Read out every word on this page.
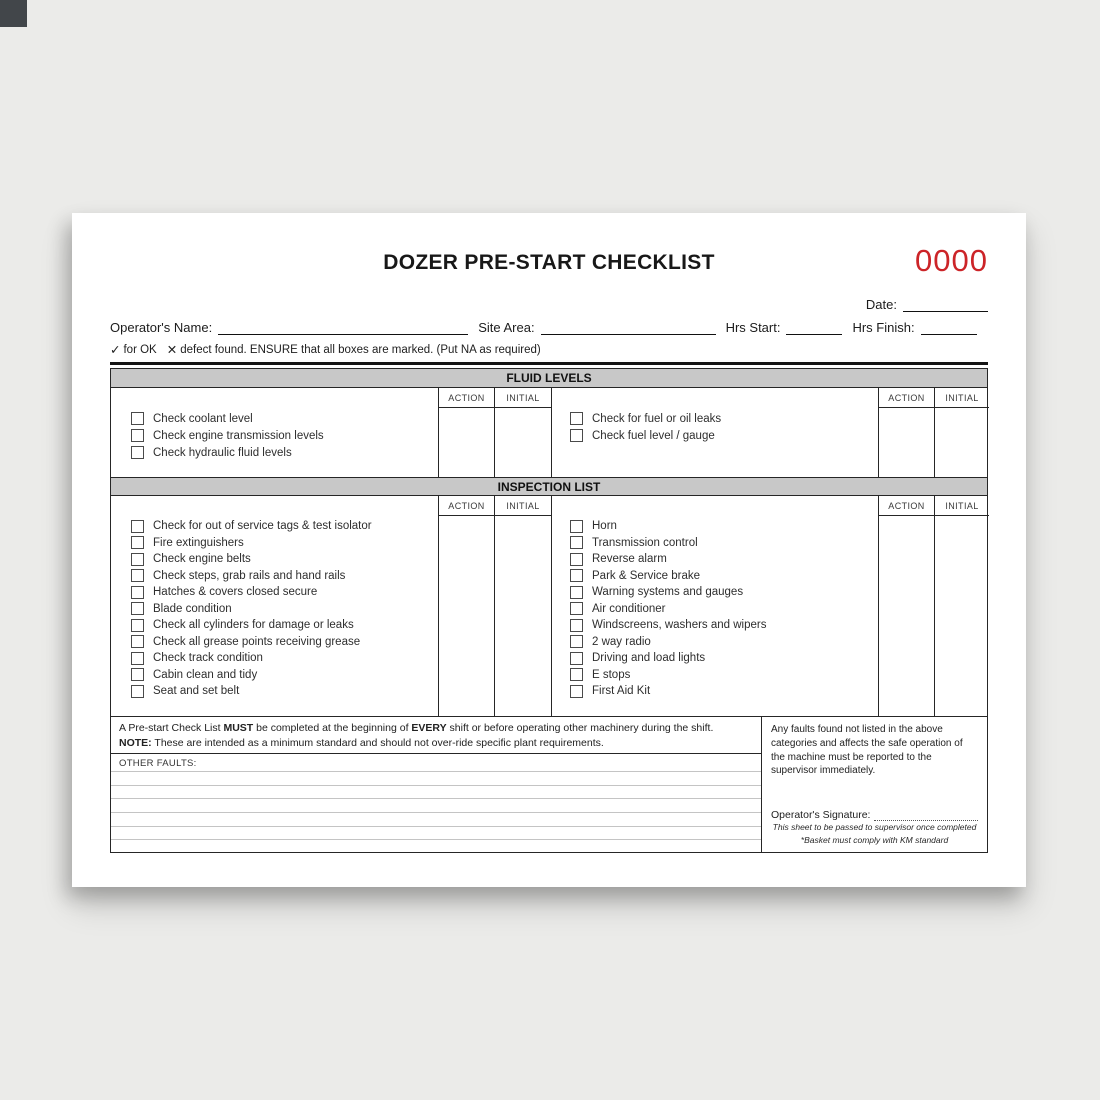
DOZER PRE-START CHECKLIST	0000
Date:
Operator's Name:	Site Area:	Hrs Start:	Hrs Finish:
✓ for OK ✕ defect found. ENSURE that all boxes are marked. (Put NA as required)
FLUID LEVELS
Check coolant level
Check engine transmission levels
Check hydraulic fluid levels
ACTION	INITIAL
Check for fuel or oil leaks
Check fuel level / gauge
ACTION	INITIAL
INSPECTION LIST
Check for out of service tags & test isolator
Fire extinguishers
Check engine belts
Check steps, grab rails and hand rails
Hatches & covers closed secure
Blade condition
Check all cylinders for damage or leaks
Check all grease points receiving grease
Check track condition
Cabin clean and tidy
Seat and set belt
ACTION	INITIAL
Horn
Transmission control
Reverse alarm
Park & Service brake
Warning systems and gauges
Air conditioner
Windscreens, washers and wipers
2 way radio
Driving and load lights
E stops
First Aid Kit
ACTION	INITIAL
A Pre-start Check List MUST be completed at the beginning of EVERY shift or before operating other machinery during the shift.
NOTE: These are intended as a minimum standard and should not over-ride specific plant requirements.
OTHER FAULTS:
Any faults found not listed in the above categories and affects the safe operation of the machine must be reported to the supervisor immediately.
Operator's Signature:
This sheet to be passed to supervisor once completed
*Basket must comply with KM standard
